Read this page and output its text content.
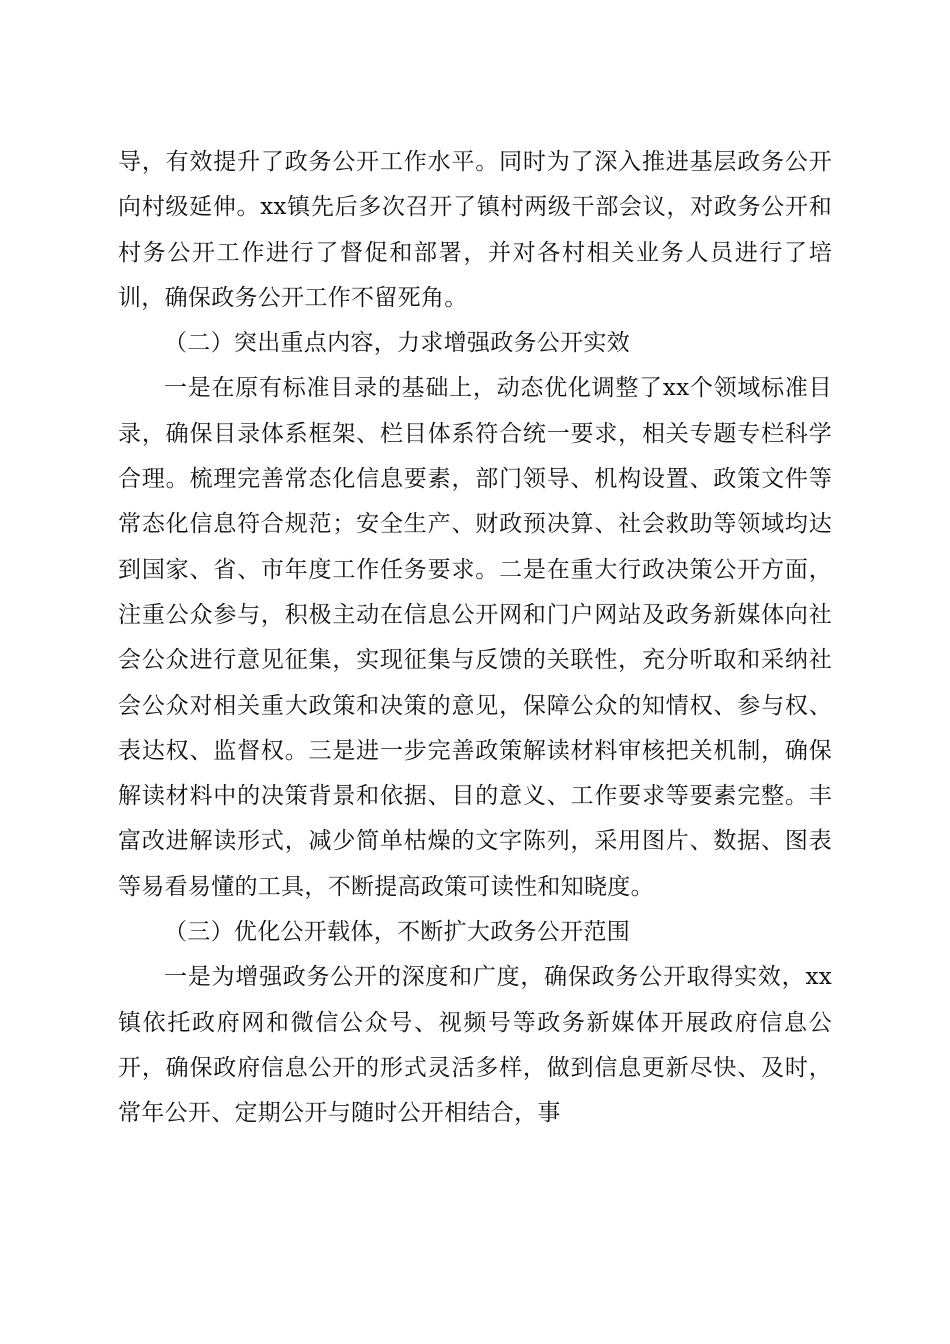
导，有效提升了政务公开工作水平。同时为了深入推进基层政务公开向村级延伸。xx镇先后多次召开了镇村两级干部会议，对政务公开和村务公开工作进行了督促和部署，并对各村相关业务人员进行了培训，确保政务公开工作不留死角。

（二）突出重点内容，力求增强政务公开实效

一是在原有标准目录的基础上，动态优化调整了xx个领域标准目录，确保目录体系框架、栏目体系符合统一要求，相关专题专栏科学合理。梳理完善常态化信息要素，部门领导、机构设置、政策文件等常态化信息符合规范；安全生产、财政预决算、社会救助等领域均达到国家、省、市年度工作任务要求。二是在重大行政决策公开方面，注重公众参与，积极主动在信息公开网和门户网站及政务新媒体向社会公众进行意见征集，实现征集与反馈的关联性，充分听取和采纳社会公众对相关重大政策和决策的意见，保障公众的知情权、参与权、表达权、监督权。三是进一步完善政策解读材料审核把关机制，确保解读材料中的决策背景和依据、目的意义、工作要求等要素完整。丰富改进解读形式，减少简单枯燥的文字陈列，采用图片、数据、图表等易看易懂的工具，不断提高政策可读性和知晓度。

（三）优化公开载体，不断扩大政务公开范围

一是为增强政务公开的深度和广度，确保政务公开取得实效，xx镇依托政府网和微信公众号、视频号等政务新媒体开展政府信息公开，确保政府信息公开的形式灵活多样，做到信息更新尽快、及时，常年公开、定期公开与随时公开相结合，事
